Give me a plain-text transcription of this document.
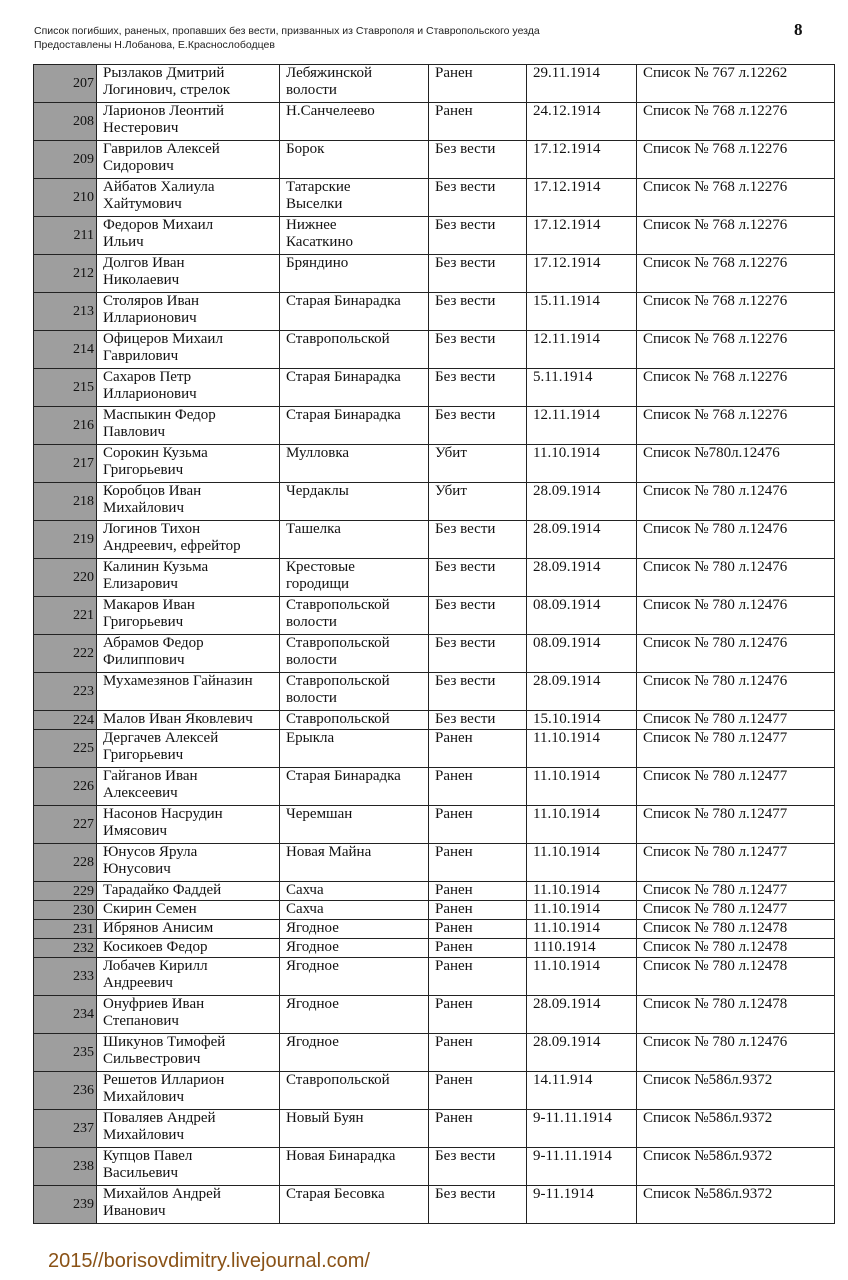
Список погибших, раненых, пропавших без вести, призванных из Ставрополя и Ставропольского уезда
Предоставлены Н.Лобанова, Е.Краснослободцев
8
207	Рызлаков Дмитрий
Логинович, стрелок	Лебяжинской
волости	Ранен	29.11.1914	Список № 767 л.12262
208	Ларионов Леонтий
Нестерович	Н.Санчелеево	Ранен	24.12.1914	Список № 768 л.12276
209	Гаврилов Алексей
Сидорович	Борок	Без вести	17.12.1914	Список № 768 л.12276
210	Айбатов Халиула
Хайтумович	Татарские
Выселки	Без вести	17.12.1914	Список № 768 л.12276
211	Федоров Михаил
Ильич	Нижнее
Касаткино	Без вести	17.12.1914	Список № 768 л.12276
212	Долгов Иван
Николаевич	Бряндино	Без вести	17.12.1914	Список № 768 л.12276
213	Столяров Иван
Илларионович	Старая Бинарадка	Без вести	15.11.1914	Список № 768 л.12276
214	Офицеров Михаил
Гаврилович	Ставропольской	Без вести	12.11.1914	Список № 768 л.12276
215	Сахаров Петр
Илларионович	Старая Бинарадка	Без вести	5.11.1914	Список № 768 л.12276
216	Маспыкин Федор
Павлович	Старая Бинарадка	Без вести	12.11.1914	Список № 768 л.12276
217	Сорокин Кузьма
Григорьевич	Мулловка	Убит	11.10.1914	Список №780л.12476
218	Коробцов Иван
Михайлович	Чердаклы	Убит	28.09.1914	Список № 780 л.12476
219	Логинов Тихон
Андреевич, ефрейтор	Ташелка	Без вести	28.09.1914	Список № 780 л.12476
220	Калинин Кузьма
Елизарович	Крестовые
городищи	Без вести	28.09.1914	Список № 780 л.12476
221	Макаров Иван
Григорьевич	Ставропольской
волости	Без вести	08.09.1914	Список № 780 л.12476
222	Абрамов Федор
Филиппович	Ставропольской
волости	Без вести	08.09.1914	Список № 780 л.12476
223	Мухамезянов Гайназин	Ставропольской
волости	Без вести	28.09.1914	Список № 780 л.12476
224	Малов Иван Яковлевич	Ставропольской	Без вести	15.10.1914	Список № 780 л.12477
225	Дергачев Алексей
Григорьевич	Ерыкла	Ранен	11.10.1914	Список № 780 л.12477
226	Гайганов Иван
Алексеевич	Старая Бинарадка	Ранен	11.10.1914	Список № 780 л.12477
227	Насонов Насрудин
Имясович	Черемшан	Ранен	11.10.1914	Список № 780 л.12477
228	Юнусов Ярула
Юнусович	Новая Майна	Ранен	11.10.1914	Список № 780 л.12477
229	Тарадайко Фаддей	Сахча	Ранен	11.10.1914	Список № 780 л.12477
230	Скирин Семен	Сахча	Ранен	11.10.1914	Список № 780 л.12477
231	Ибрянов Анисим	Ягодное	Ранен	11.10.1914	Список № 780 л.12478
232	Косикоев Федор	Ягодное	Ранен	1110.1914	Список № 780 л.12478
233	Лобачев Кирилл
Андреевич	Ягодное	Ранен	11.10.1914	Список № 780 л.12478
234	Онуфриев Иван
Степанович	Ягодное	Ранен	28.09.1914	Список № 780 л.12478
235	Шикунов Тимофей
Сильвестрович	Ягодное	Ранен	28.09.1914	Список № 780 л.12476
236	Решетов Илларион
Михайлович	Ставропольской	Ранен	14.11.914	Список №586л.9372
237	Поваляев Андрей
Михайлович	Новый Буян	Ранен	9-11.11.1914	Список №586л.9372
238	Купцов Павел
Васильевич	Новая Бинарадка	Без вести	9-11.11.1914	Список №586л.9372
239	Михайлов Андрей
Иванович	Старая Бесовка	Без вести	9-11.1914	Список №586л.9372
2015//borisovdimitry.livejournal.com/
